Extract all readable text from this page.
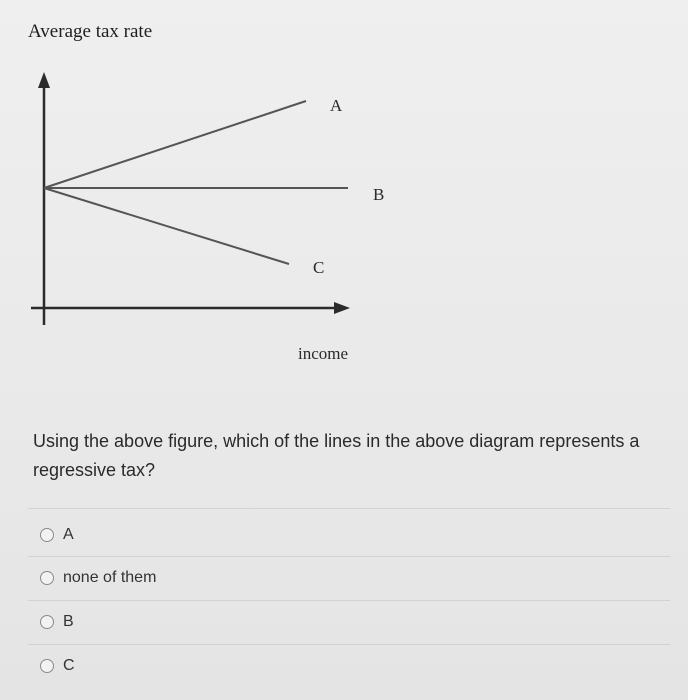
Average tax rate
A
B
C
income
Using the above figure, which of the lines in the above diagram represents a regressive tax?
A
none of them
B
C
